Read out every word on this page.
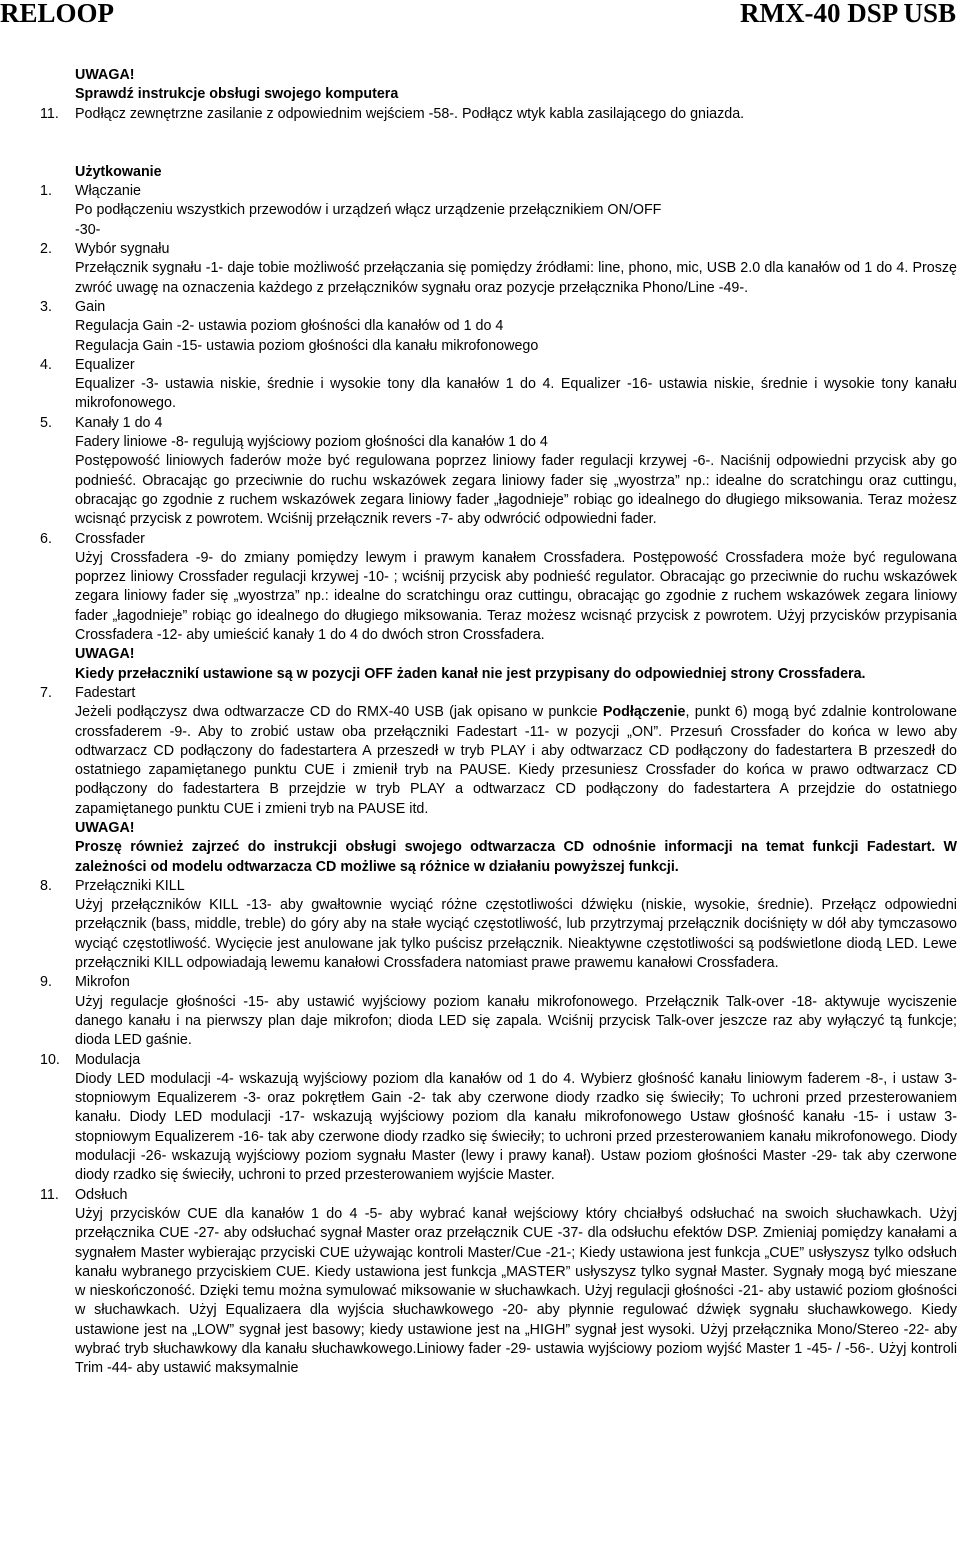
RELOOP	RMX-40 DSP USB
UWAGA!
Sprawdź instrukcje obsługi swojego komputera
11. Podłącz zewnętrzne zasilanie z odpowiednim wejściem -58-. Podłącz wtyk kabla zasilającego do gniazda.
Użytkowanie
1. Włączanie
Po podłączeniu wszystkich przewodów i urządzeń włącz urządzenie przełącznikiem ON/OFF
-30-
2. Wybór sygnału
Przełącznik sygnału -1- daje tobie możliwość przełączania się pomiędzy źródłami: line, phono, mic, USB 2.0 dla kanałów od 1 do 4. Proszę zwróć uwagę na oznaczenia każdego z przełączników sygnału oraz pozycje przełącznika Phono/Line -49-.
3. Gain
Regulacja Gain -2- ustawia poziom głośności dla kanałów od 1 do 4
Regulacja Gain -15- ustawia poziom głośności dla kanału mikrofonowego
4. Equalizer
Equalizer -3- ustawia niskie, średnie i wysokie tony dla kanałów 1 do 4. Equalizer -16- ustawia niskie, średnie i wysokie tony kanału mikrofonowego.
5. Kanały 1 do 4
Fadery liniowe -8- regulują wyjściowy poziom głośności dla kanałów 1 do 4
Postępowość liniowych faderów może być regulowana poprzez liniowy fader regulacji krzywej -6-. Naciśnij odpowiedni przycisk aby go podnieść. Obracając go przeciwnie do ruchu wskazówek zegara liniowy fader się „wyostrza” np.: idealne do scratchingu oraz cuttingu, obracając go zgodnie z ruchem wskazówek zegara liniowy fader „łagodnieje” robiąc go idealnego do długiego miksowania. Teraz możesz wcisnąć przycisk z powrotem. Wciśnij przełącznik revers -7- aby odwrócić odpowiedni fader.
6. Crossfader
Użyj Crossfadera -9- do zmiany pomiędzy lewym i prawym kanałem Crossfadera. Postępowość Crossfadera może być regulowana poprzez liniowy Crossfader regulacji krzywej -10- ; wciśnij przycisk aby podnieść regulator. Obracając go przeciwnie do ruchu wskazówek zegara liniowy fader się „wyostrza” np.: idealne do scratchingu oraz cuttingu, obracając go zgodnie z ruchem wskazówek zegara liniowy fader „łagodnieje” robiąc go idealnego do długiego miksowania. Teraz możesz wcisnąć przycisk z powrotem. Użyj przycisków przypisania Crossfadera -12- aby umieścić kanały 1 do 4 do dwóch stron Crossfadera.
UWAGA!
Kiedy przełacznikí ustawione są w pozycji OFF żaden kanał nie jest przypisany do odpowiedniej strony Crossfadera.
7. Fadestart
Jeżeli podłączysz dwa odtwarzacze CD do RMX-40 USB (jak opisano w punkcie Podłączenie, punkt 6) mogą być zdalnie kontrolowane crossfaderem -9-. Aby to zrobić ustaw oba przełączniki Fadestart -11- w pozycji „ON”. Przesuń Crossfader do końca w lewo aby odtwarzacz CD podłączony do fadestartera A przeszedł w tryb PLAY i aby odtwarzacz CD podłączony do fadestartera B przeszedł do ostatniego zapamiętanego punktu CUE i zmienił tryb na PAUSE. Kiedy przesuniesz Crossfader do końca w prawo odtwarzacz CD podłączony do fadestartera B przejdzie w tryb PLAY a odtwarzacz CD podłączony do fadestartera A przejdzie do ostatniego zapamiętanego punktu CUE i zmieni tryb na PAUSE itd.
UWAGA!
Proszę również zajrzeć do instrukcji obsługi swojego odtwarzacza CD odnośnie informacji na temat funkcji Fadestart. W zależności od modelu odtwarzacza CD możliwe są różnice w działaniu powyższej funkcji.
8. Przełączniki KILL
Użyj przełączników KILL -13- aby gwałtownie wyciąć różne częstotliwości dźwięku (niskie, wysokie, średnie). Przełącz odpowiedni przełącznik (bass, middle, treble) do góry aby na stałe wyciąć częstotliwość, lub przytrzymaj przełącznik dociśnięty w dół aby tymczasowo wyciąć częstotliwość. Wycięcie jest anulowane jak tylko puścisz przełącznik. Nieaktywne częstotliwości są podświetlone diodą LED. Lewe przełączniki KILL odpowiadają lewemu kanałowi Crossfadera natomiast prawe prawemu kanałowi Crossfadera.
9. Mikrofon
Użyj regulacje głośności -15- aby ustawić wyjściowy poziom kanału mikrofonowego. Przełącznik Talk-over -18- aktywuje wyciszenie danego kanału i na pierwszy plan daje mikrofon; dioda LED się zapala. Wciśnij przycisk Talk-over jeszcze raz aby wyłączyć tą funkcje; dioda LED gaśnie.
10. Modulacja
Diody LED modulacji -4- wskazują wyjściowy poziom dla kanałów od 1 do 4. Wybierz głośność kanału liniowym faderem -8-, i ustaw 3-stopniowym Equalizerem -3- oraz pokrętłem Gain -2- tak aby czerwone diody rzadko się świeciły; To uchroni przed przesterowaniem kanału. Diody LED modulacji -17- wskazują wyjściowy poziom dla kanału mikrofonowego Ustaw głośność kanału -15- i ustaw 3-stopniowym Equalizerem -16- tak aby czerwone diody rzadko się świeciły; to uchroni przed przesterowaniem kanału mikrofonowego. Diody modulacji -26- wskazują wyjściowy poziom sygnału Master (lewy i prawy kanał). Ustaw poziom głośności Master -29- tak aby czerwone diody rzadko się świeciły, uchroni to przed przesterowaniem wyjście Master.
11. Odsłuch
Użyj przycisków CUE dla kanałów 1 do 4 -5- aby wybrać kanał wejściowy który chciałbyś odsłuchać na swoich słuchawkach. Użyj przełącznika CUE -27- aby odsłuchać sygnał Master oraz przełącznik CUE -37- dla odsłuchu efektów DSP. Zmieniaj pomiędzy kanałami a sygnałem Master wybierając przyciski CUE używając kontroli Master/Cue -21-; Kiedy ustawiona jest funkcja „CUE” usłyszysz tylko odsłuch kanału wybranego przyciskiem CUE. Kiedy ustawiona jest funkcja „MASTER” usłyszysz tylko sygnał Master. Sygnały mogą być mieszane w nieskończoność. Dzięki temu można symulować miksowanie w słuchawkach. Użyj regulacji głośności -21- aby ustawić poziom głośności w słuchawkach. Użyj Equalizaera dla wyjścia słuchawkowego -20- aby płynnie regulować dźwięk sygnału słuchawkowego. Kiedy ustawione jest na „LOW” sygnał jest basowy; kiedy ustawione jest na „HIGH” sygnał jest wysoki. Użyj przełącznika Mono/Stereo -22- aby wybrać tryb słuchawkowy dla kanału słuchawkowego.Liniowy fader -29- ustawia wyjściowy poziom wyjść Master 1 -45- / -56-. Użyj kontroli Trim -44- aby ustawić maksymalnie
